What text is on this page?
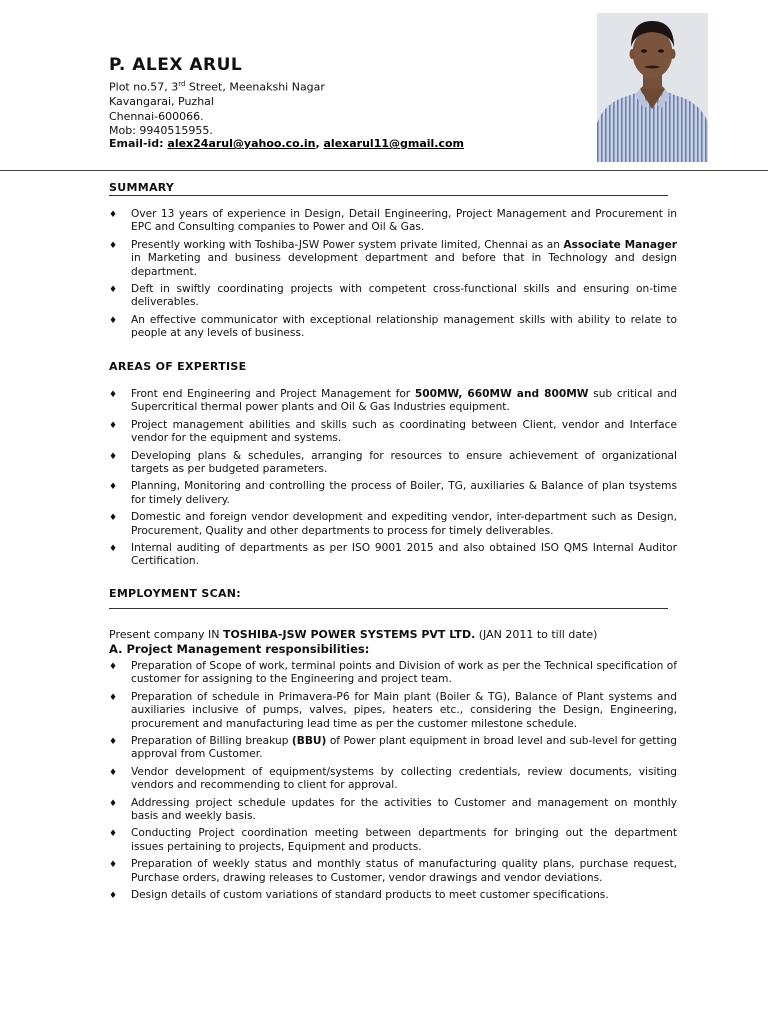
P. ALEX ARUL
Plot no.57, 3rd Street, Meenakshi Nagar
Kavangarai, Puzhal
Chennai-600066.
Mob: 9940515955.
Email-id: alex24arul@yahoo.co.in, alexarul11@gmail.com
SUMMARY
♦ Over 13 years of experience in Design, Detail Engineering, Project Management and Procurement in EPC and Consulting companies to Power and Oil & Gas.
♦ Presently working with Toshiba-JSW Power system private limited, Chennai as an Associate Manager in Marketing and business development department and before that in Technology and design department.
♦ Deft in swiftly coordinating projects with competent cross-functional skills and ensuring on-time deliverables.
♦ An effective communicator with exceptional relationship management skills with ability to relate to people at any levels of business.
AREAS OF EXPERTISE
♦ Front end Engineering and Project Management for 500MW, 660MW and 800MW sub critical and Supercritical thermal power plants and Oil & Gas Industries equipment.
♦ Project management abilities and skills such as coordinating between Client, vendor and Interface vendor for the equipment and systems.
♦ Developing plans & schedules, arranging for resources to ensure achievement of organizational targets as per budgeted parameters.
♦ Planning, Monitoring and controlling the process of Boiler, TG, auxiliaries & Balance of plan tsystems for timely delivery.
♦ Domestic and foreign vendor development and expediting vendor, inter-department such as Design, Procurement, Quality and other departments to process for timely deliverables.
♦ Internal auditing of departments as per ISO 9001 2015 and also obtained ISO QMS Internal Auditor Certification.
EMPLOYMENT SCAN:
Present company IN TOSHIBA-JSW POWER SYSTEMS PVT LTD. (JAN 2011 to till date)
A. Project Management responsibilities:
♦ Preparation of Scope of work, terminal points and Division of work as per the Technical specification of customer for assigning to the Engineering and project team.
♦ Preparation of schedule in Primavera-P6 for Main plant (Boiler & TG), Balance of Plant systems and auxiliaries inclusive of pumps, valves, pipes, heaters etc., considering the Design, Engineering, procurement and manufacturing lead time as per the customer milestone schedule.
♦ Preparation of Billing breakup (BBU) of Power plant equipment in broad level and sub-level for getting approval from Customer.
♦ Vendor development of equipment/systems by collecting credentials, review documents, visiting vendors and recommending to client for approval.
♦ Addressing project schedule updates for the activities to Customer and management on monthly basis and weekly basis.
♦ Conducting Project coordination meeting between departments for bringing out the department issues pertaining to projects, Equipment and products.
♦ Preparation of weekly status and monthly status of manufacturing quality plans, purchase request, Purchase orders, drawing releases to Customer, vendor drawings and vendor deviations.
♦ Design details of custom variations of standard products to meet customer specifications.
